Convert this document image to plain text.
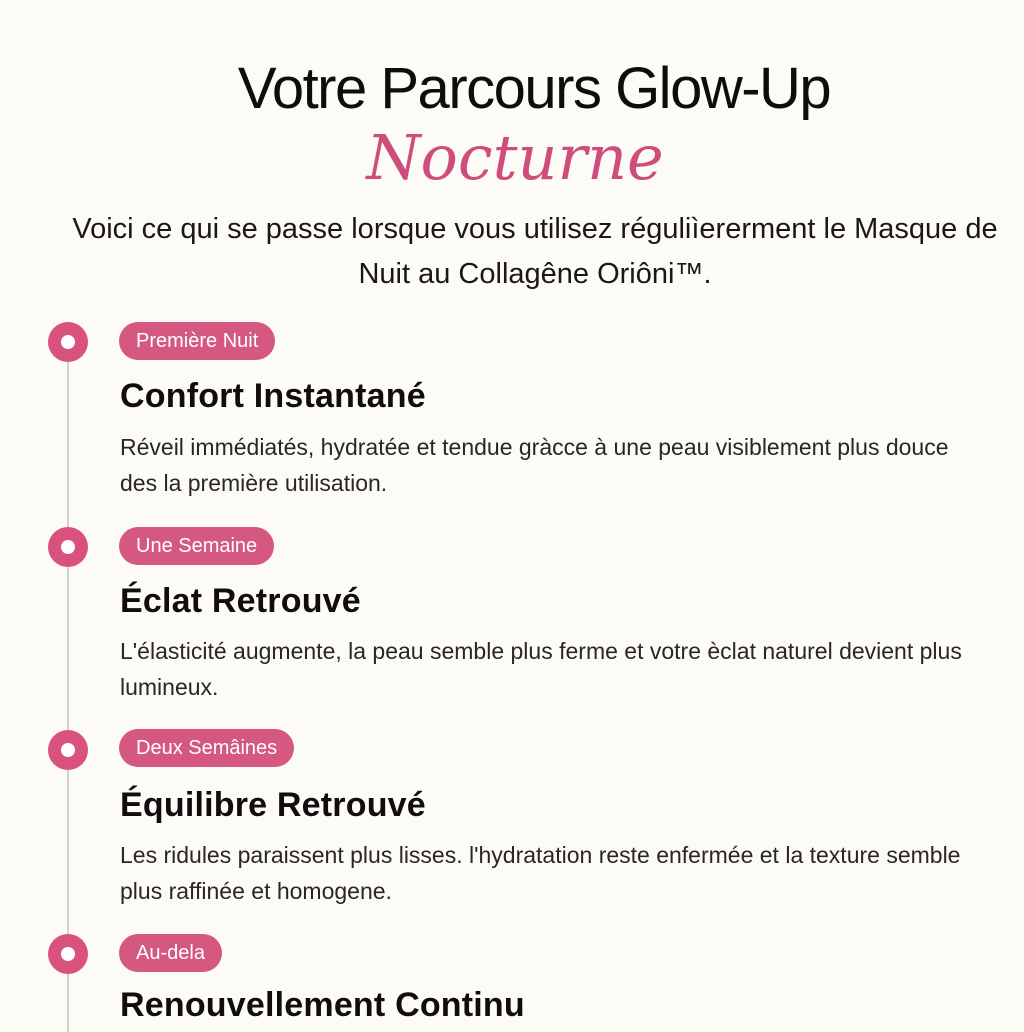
Votre Parcours Glow-Up
Nocturne

Voici ce qui se passe lorsque vous utilisez réguliìererment le Masque de Nuit au Collagêne Oriôni™.

Première Nuit
Confort Instantané

Réveil immédiatés, hydratée et tendue gràcce à une peau visiblement plus douce des la première utilisation.

Une Semaine
Éclat Retrouvé

L'élasticité augmente, la peau semble plus ferme et votre èclat naturel devient plus lumineux.

Deux Semâines
Équilibre Retrouvé

Les ridules paraissent plus lisses. l'hydratation reste enfermée et la texture semble plus raffinée et homogene.

Au-dela
Renouvellement Continu
